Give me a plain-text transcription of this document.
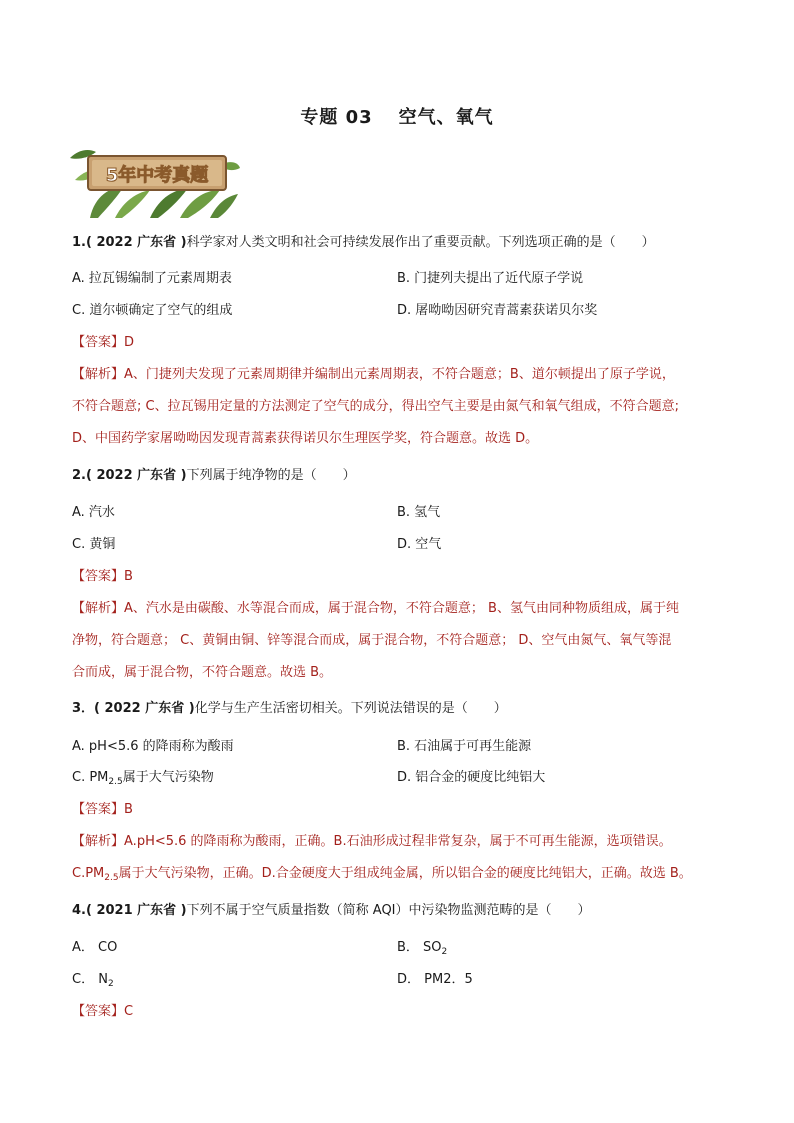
专题 03 空气、氧气
5年中考真题
1.( 2022 广东省 )科学家对人类文明和社会可持续发展作出了重要贡献。下列选项正确的是（　　）
A. 拉瓦锡编制了元素周期表	B. 门捷列夫提出了近代原子学说
C. 道尔顿确定了空气的组成	D. 屠呦呦因研究青蒿素获诺贝尔奖
【答案】D
【解析】A、门捷列夫发现了元素周期律并编制出元素周期表，不符合题意；B、道尔顿提出了原子学说，
不符合题意; C、拉瓦锡用定量的方法测定了空气的成分，得出空气主要是由氮气和氧气组成，不符合题意;
D、中国药学家屠呦呦因发现青蒿素获得诺贝尔生理医学奖，符合题意。故选 D。
2.( 2022 广东省 )下列属于纯净物的是（　　）
A. 汽水	B. 氢气
C. 黄铜	D. 空气
【答案】B
【解析】A、汽水是由碳酸、水等混合而成，属于混合物，不符合题意； B、氢气由同种物质组成，属于纯
净物，符合题意； C、黄铜由铜、锌等混合而成，属于混合物，不符合题意； D、空气由氮气、氧气等混
合而成，属于混合物，不符合题意。故选 B。
3．( 2022 广东省 )化学与生产生活密切相关。下列说法错误的是（　　）
A. pH<5.6 的降雨称为酸雨	B. 石油属于可再生能源
C. $PM_{2.5}$属于大气污染物	D. 铝合金的硬度比纯铝大
【答案】B
【解析】A.pH<5.6 的降雨称为酸雨，正确。B.石油形成过程非常复杂，属于不可再生能源，选项错误。
$C.PM_{2.5}$属于大气污染物，正确。D.合金硬度大于组成纯金属，所以铝合金的硬度比纯铝大，正确。故选 B。
4.( 2021 广东省 )下列不属于空气质量指数（简称 AQI）中污染物监测范畴的是（　　）
A． CO	B． $SO_2$
C． $N_2$	D． PM2．5
【答案】C
